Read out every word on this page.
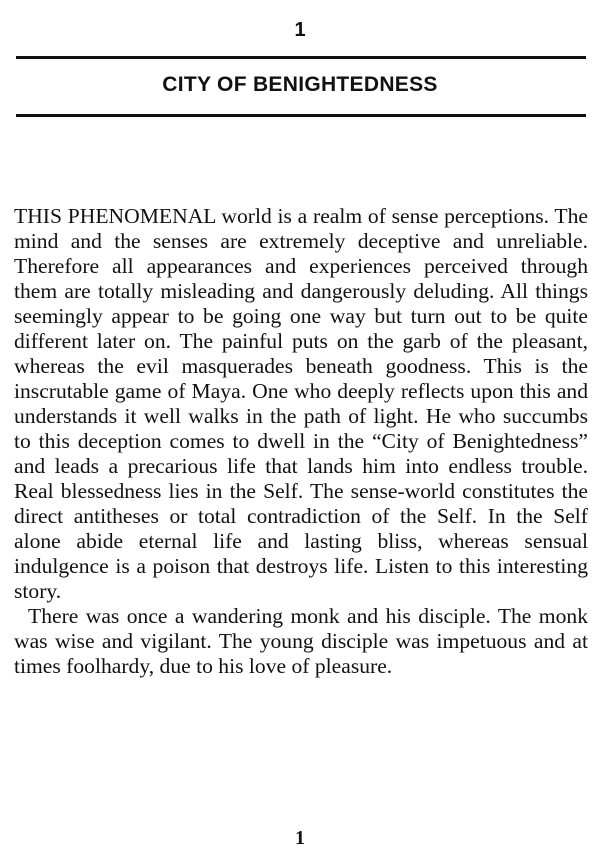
1
CITY OF BENIGHTEDNESS

THIS PHENOMENAL world is a realm of sense perceptions. The mind and the senses are extremely deceptive and unreliable. Therefore all appearances and experiences perceived through them are totally misleading and dangerously deluding. All things seemingly appear to be going one way but turn out to be quite different later on. The painful puts on the garb of the pleasant, whereas the evil masquerades beneath goodness. This is the inscrutable game of Maya. One who deeply reflects upon this and understands it well walks in the path of light. He who succumbs to this deception comes to dwell in the “City of Benightedness” and leads a precarious life that lands him into endless trouble. Real blessedness lies in the Self. The sense-world constitutes the direct antitheses or total contradiction of the Self. In the Self alone abide eternal life and lasting bliss, whereas sensual indulgence is a poison that destroys life. Listen to this interesting story.

There was once a wandering monk and his disciple. The monk was wise and vigilant. The young disciple was impetuous and at times foolhardy, due to his love of pleasure.

1
